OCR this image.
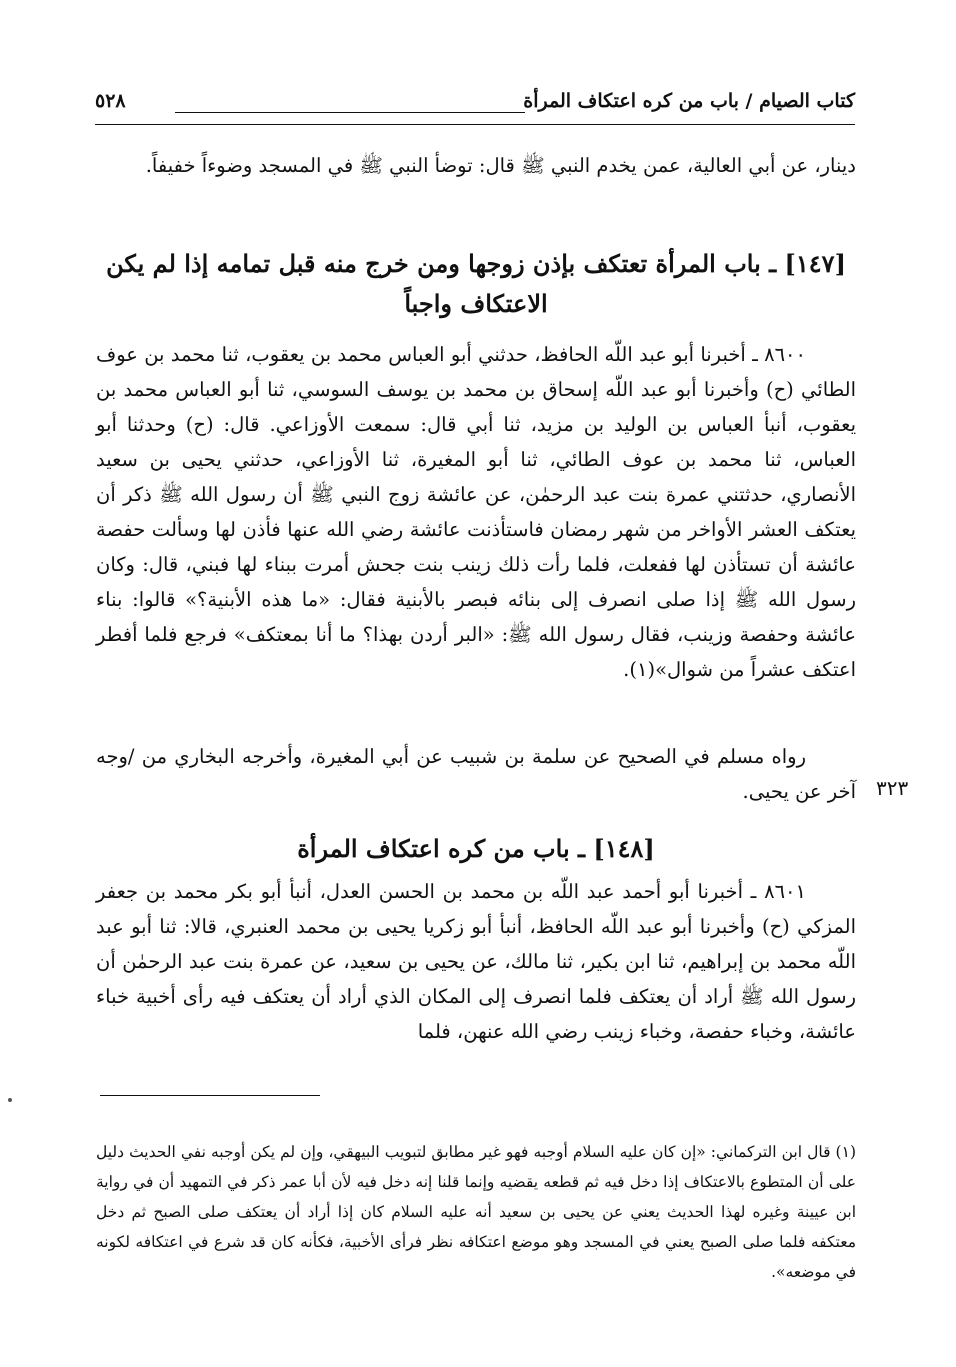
كتاب الصيام / باب من كره اعتكاف المرأة
٥٢٨

دينار، عن أبي العالية، عمن يخدم النبي ﷺ قال: توضأ النبي ﷺ في المسجد وضوءاً خفيفاً.

[١٤٧] ـ باب المرأة تعتكف بإذن زوجها ومن خرج منه قبل تمامه إذا لم يكن الاعتكاف واجباً

٨٦٠٠ ـ أخبرنا أبو عبد اللّه الحافظ، حدثني أبو العباس محمد بن يعقوب، ثنا محمد بن عوف الطائي (ح) وأخبرنا أبو عبد اللّه إسحاق بن محمد بن يوسف السوسي، ثنا أبو العباس محمد بن يعقوب، أنبأ العباس بن الوليد بن مزيد، ثنا أبي قال: سمعت الأوزاعي. قال: (ح) وحدثنا أبو العباس، ثنا محمد بن عوف الطائي، ثنا أبو المغيرة، ثنا الأوزاعي، حدثني يحيى بن سعيد الأنصاري، حدثتني عمرة بنت عبد الرحمٰن، عن عائشة زوج النبي ﷺ أن رسول الله ﷺ ذكر أن يعتكف العشر الأواخر من شهر رمضان فاستأذنت عائشة رضي الله عنها فأذن لها وسألت حفصة عائشة أن تستأذن لها ففعلت، فلما رأت ذلك زينب بنت جحش أمرت ببناء لها فبني، قال: وكان رسول الله ﷺ إذا صلى انصرف إلى بنائه فبصر بالأبنية فقال: «ما هذه الأبنية؟» قالوا: بناء عائشة وحفصة وزينب، فقال رسول الله ﷺ: «البر أردن بهذا؟ ما أنا بمعتكف» فرجع فلما أفطر اعتكف عشراً من شوال»(١).

رواه مسلم في الصحيح عن سلمة بن شبيب عن أبي المغيرة، وأخرجه البخاري من /وجه آخر عن يحيى. ٣٢٣
[١٤٨] ـ باب من كره اعتكاف المرأة

٨٦٠١ ـ أخبرنا أبو أحمد عبد اللّه بن محمد بن الحسن العدل، أنبأ أبو بكر محمد بن جعفر المزكي (ح) وأخبرنا أبو عبد اللّه الحافظ، أنبأ أبو زكريا يحيى بن محمد العنبري، قالا: ثنا أبو عبد اللّه محمد بن إبراهيم، ثنا ابن بكير، ثنا مالك، عن يحيى بن سعيد، عن عمرة بنت عبد الرحمٰن أن رسول الله ﷺ أراد أن يعتكف فلما انصرف إلى المكان الذي أراد أن يعتكف فيه رأى أخبية خباء عائشة، وخباء حفصة، وخباء زينب رضي الله عنهن، فلما

(١) قال ابن التركماني: «إن كان عليه السلام أوجبه فهو غير مطابق لتبويب البيهقي، وإن لم يكن أوجبه نفي الحديث دليل على أن المتطوع بالاعتكاف إذا دخل فيه ثم قطعه يقضيه وإنما قلنا إنه دخل فيه لأن أبا عمر ذكر في التمهيد أن في رواية ابن عيينة وغيره لهذا الحديث يعني عن يحيى بن سعيد أنه عليه السلام كان إذا أراد أن يعتكف صلى الصبح ثم دخل معتكفه فلما صلى الصبح يعني في المسجد وهو موضع اعتكافه نظر فرأى الأخبية، فكأنه كان قد شرع في اعتكافه لكونه في موضعه».
